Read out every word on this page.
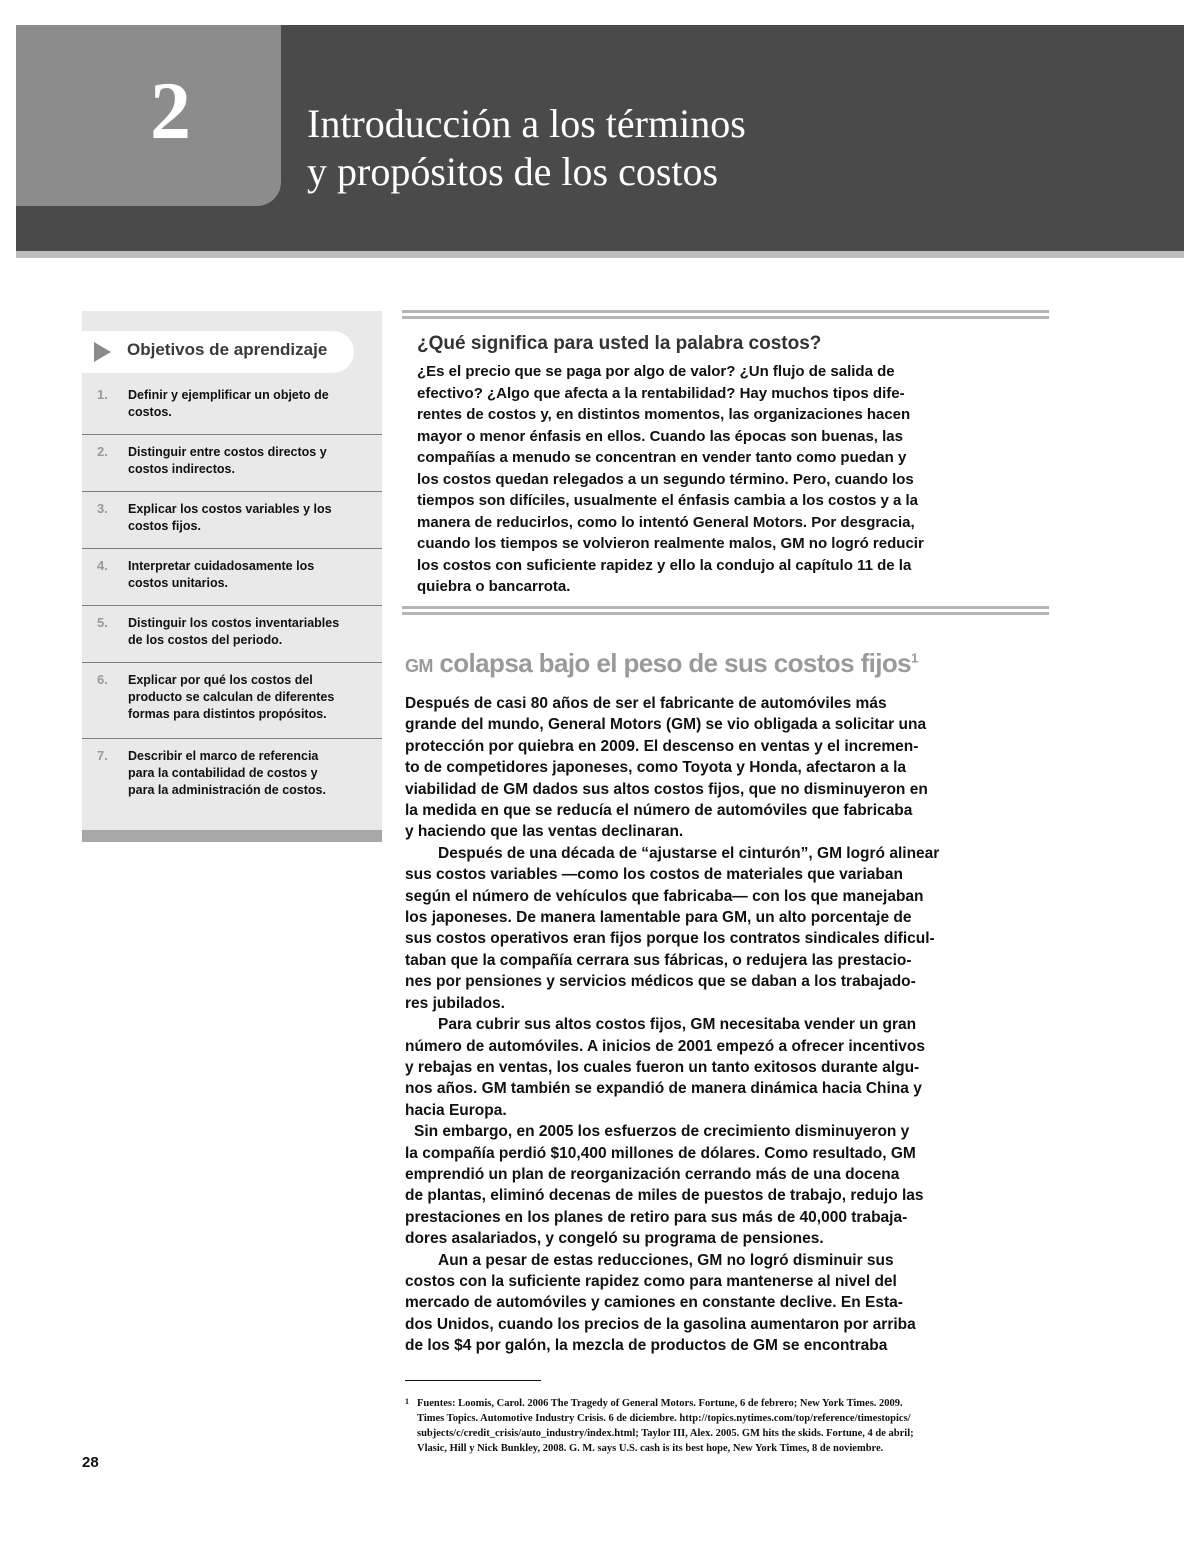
2	Introducción a los términos
y propósitos de los costos
Objetivos de aprendizaje
1.	Definir y ejemplificar un objeto de
costos.
2.	Distinguir entre costos directos y
costos indirectos.
3.	Explicar los costos variables y los
costos fijos.
4.	Interpretar cuidadosamente los
costos unitarios.
5.	Distinguir los costos inventariables
de los costos del periodo.
6.	Explicar por qué los costos del
producto se calculan de diferentes
formas para distintos propósitos.
7.	Describir el marco de referencia
para la contabilidad de costos y
para la administración de costos.
¿Qué significa para usted la palabra costos?
¿Es el precio que se paga por algo de valor? ¿Un flujo de salida de
efectivo? ¿Algo que afecta a la rentabilidad? Hay muchos tipos dife-
rentes de costos y, en distintos momentos, las organizaciones hacen
mayor o menor énfasis en ellos. Cuando las épocas son buenas, las
compañías a menudo se concentran en vender tanto como puedan y
los costos quedan relegados a un segundo término. Pero, cuando los
tiempos son difíciles, usualmente el énfasis cambia a los costos y a la
manera de reducirlos, como lo intentó General Motors. Por desgracia,
cuando los tiempos se volvieron realmente malos, GM no logró reducir
los costos con suficiente rapidez y ello la condujo al capítulo 11 de la
quiebra o bancarrota.
GM colapsa bajo el peso de sus costos fijos$^1$
Después de casi 80 años de ser el fabricante de automóviles más
grande del mundo, General Motors (GM) se vio obligada a solicitar una
protección por quiebra en 2009. El descenso en ventas y el incremen-
to de competidores japoneses, como Toyota y Honda, afectaron a la
viabilidad de GM dados sus altos costos fijos, que no disminuyeron en
la medida en que se reducía el número de automóviles que fabricaba
y haciendo que las ventas declinaran.
Después de una década de “ajustarse el cinturón”, GM logró alinear
sus costos variables —como los costos de materiales que variaban
según el número de vehículos que fabricaba— con los que manejaban
los japoneses. De manera lamentable para GM, un alto porcentaje de
sus costos operativos eran fijos porque los contratos sindicales dificul-
taban que la compañía cerrara sus fábricas, o redujera las prestacio-
nes por pensiones y servicios médicos que se daban a los trabajado-
res jubilados.
Para cubrir sus altos costos fijos, GM necesitaba vender un gran
número de automóviles. A inicios de 2001 empezó a ofrecer incentivos
y rebajas en ventas, los cuales fueron un tanto exitosos durante algu-
nos años. GM también se expandió de manera dinámica hacia China y
hacia Europa.
Sin embargo, en 2005 los esfuerzos de crecimiento disminuyeron y
la compañía perdió $10,400 millones de dólares. Como resultado, GM
emprendió un plan de reorganización cerrando más de una docena
de plantas, eliminó decenas de miles de puestos de trabajo, redujo las
prestaciones en los planes de retiro para sus más de 40,000 trabaja-
dores asalariados, y congeló su programa de pensiones.
Aun a pesar de estas reducciones, GM no logró disminuir sus
costos con la suficiente rapidez como para mantenerse al nivel del
mercado de automóviles y camiones en constante declive. En Esta-
dos Unidos, cuando los precios de la gasolina aumentaron por arriba
de los $4 por galón, la mezcla de productos de GM se encontraba
1 Fuentes: Loomis, Carol. 2006 The Tragedy of General Motors. Fortune, 6 de febrero; New York Times. 2009.
Times Topics. Automotive Industry Crisis. 6 de diciembre. http://topics.nytimes.com/top/reference/timestopics/
subjects/c/credit_crisis/auto_industry/index.html; Taylor III, Alex. 2005. GM hits the skids. Fortune, 4 de abril;
Vlasic, Hill y Nick Bunkley, 2008. G. M. says U.S. cash is its best hope, New York Times, 8 de noviembre.
28
